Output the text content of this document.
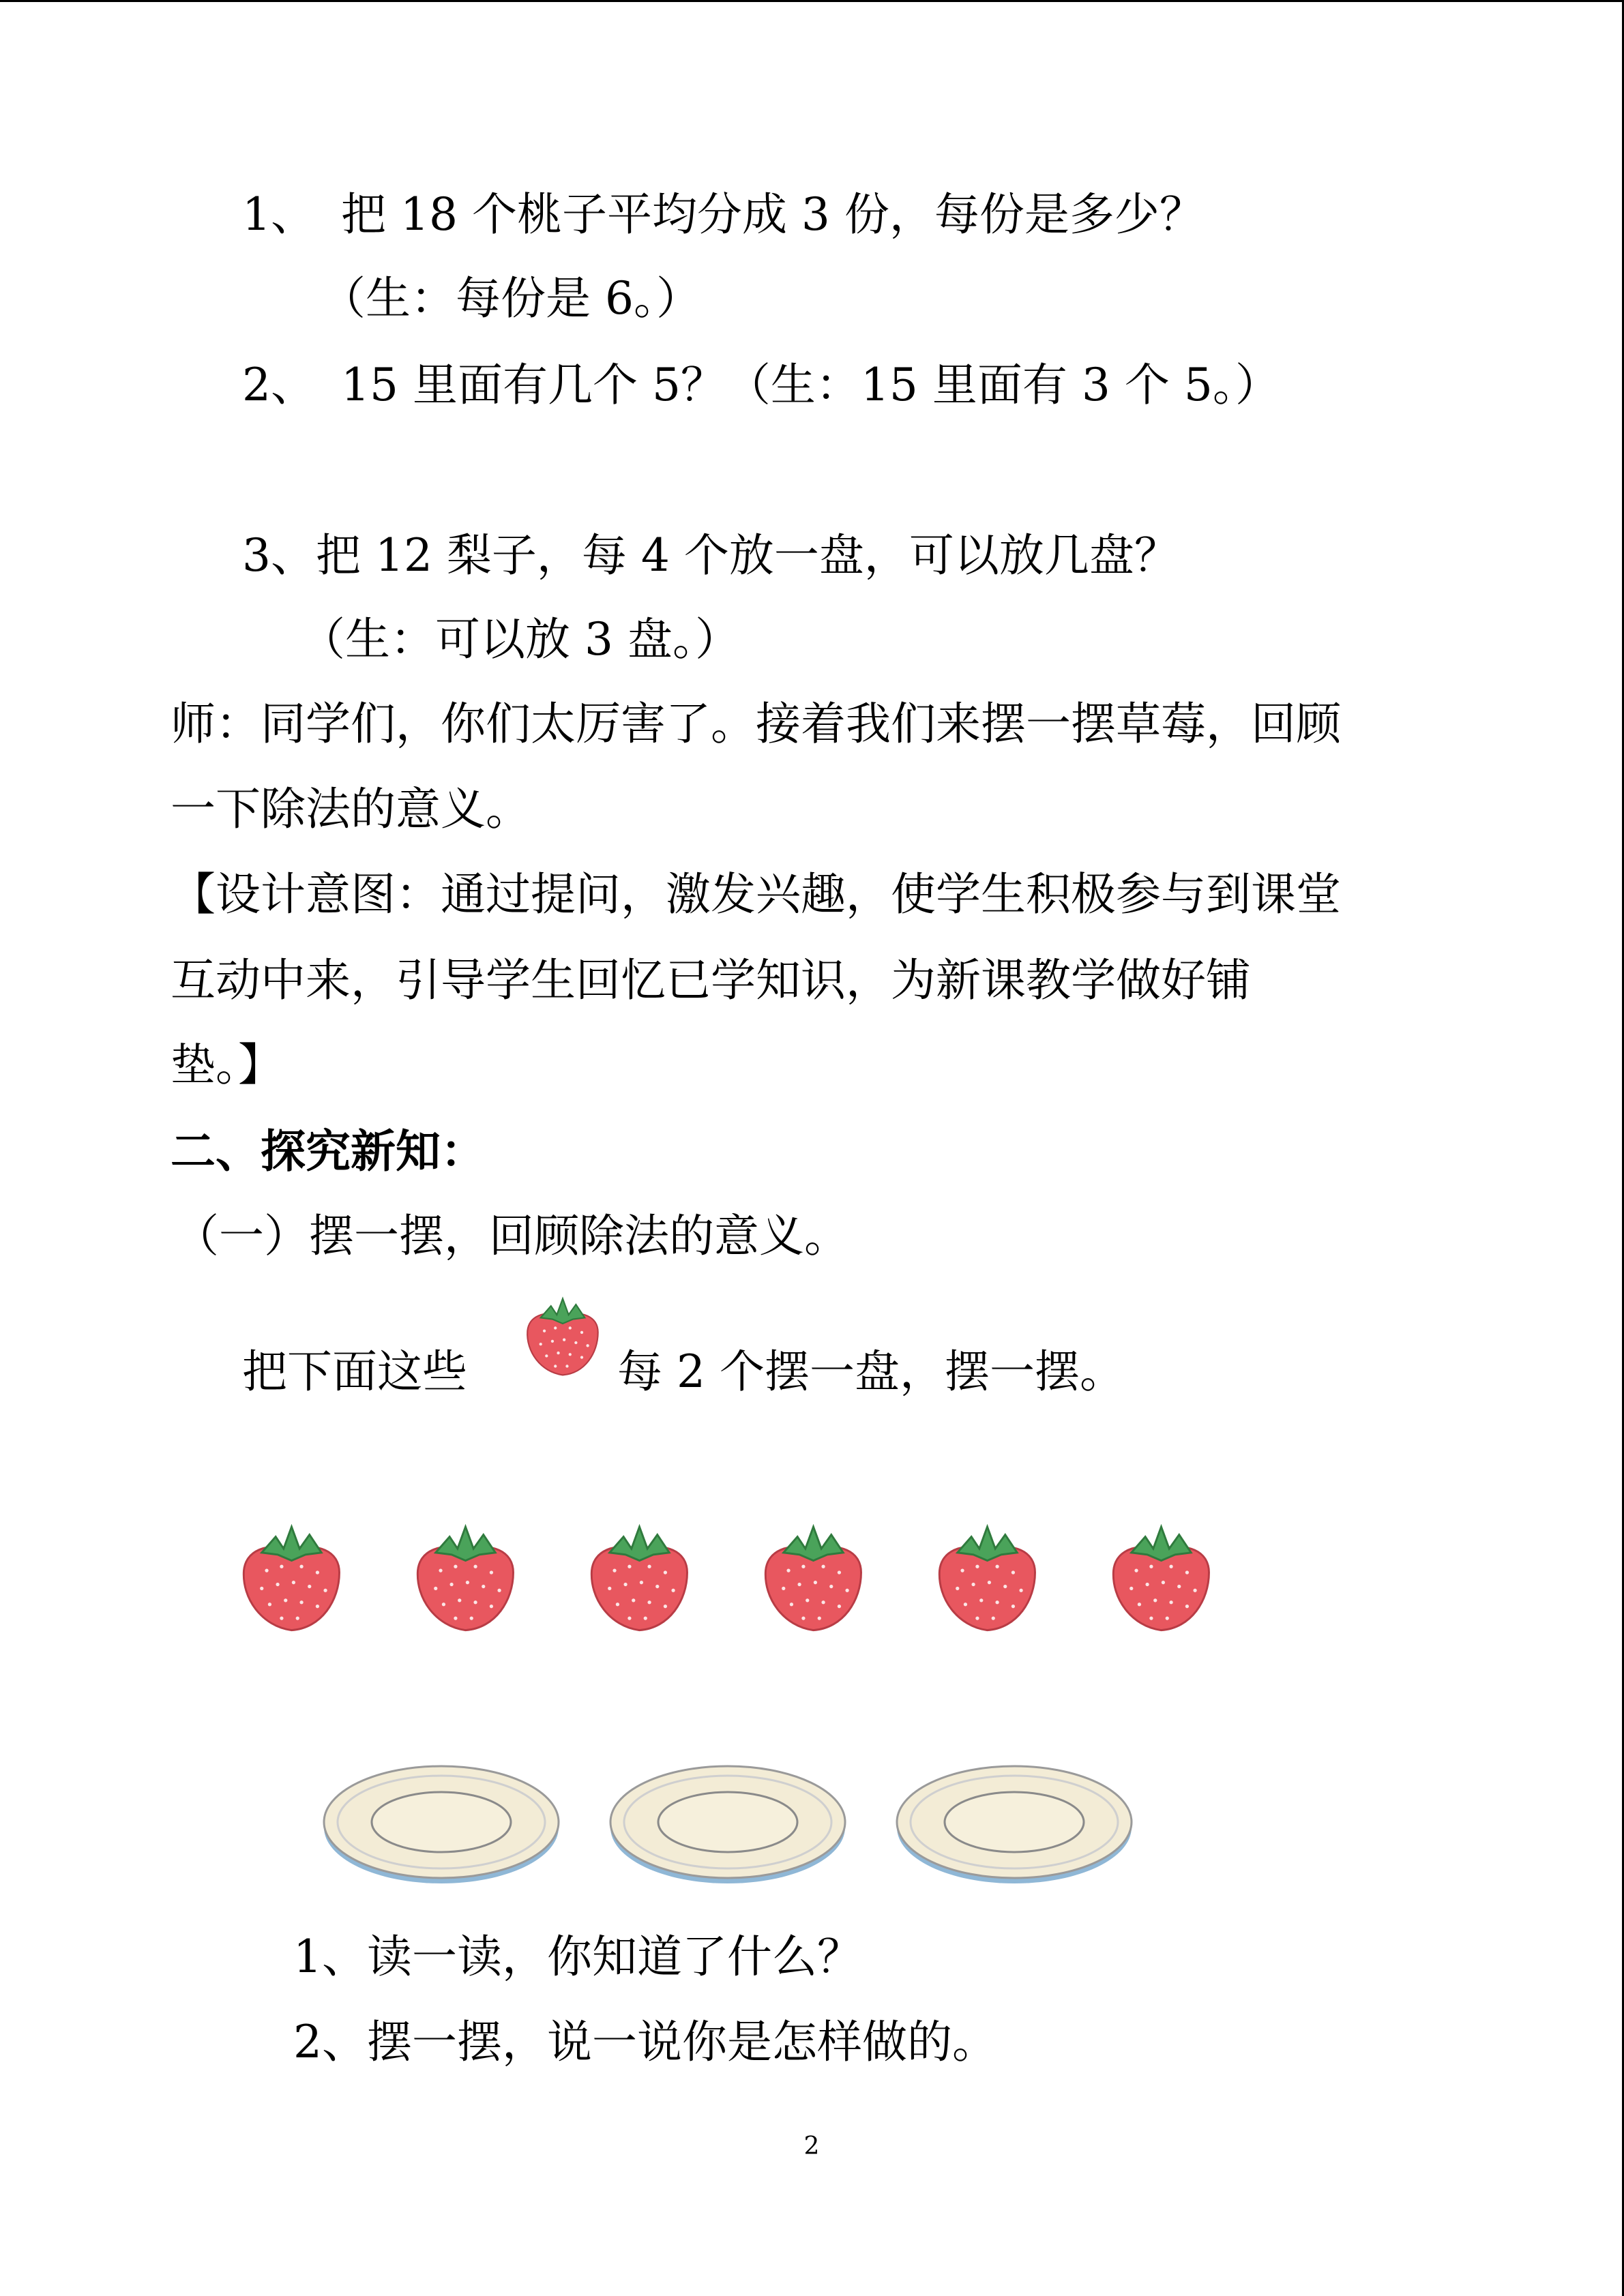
1、 把 18 个桃子平均分成 3 份，每份是多少？
（生：每份是 6。）
2、 15 里面有几个 5？（生：15 里面有 3 个 5。）
3、把 12 梨子，每 4 个放一盘，可以放几盘？
（生：可以放 3 盘。）
师：同学们，你们太厉害了。接着我们来摆一摆草莓，回顾
一下除法的意义。
【设计意图：通过提问，激发兴趣，使学生积极参与到课堂
互动中来，引导学生回忆已学知识，为新课教学做好铺
垫。】
二、探究新知：
（一）摆一摆，回顾除法的意义。
把下面这些	每 2 个摆一盘，摆一摆。
1、读一读，你知道了什么？
2、摆一摆，说一说你是怎样做的。
2
